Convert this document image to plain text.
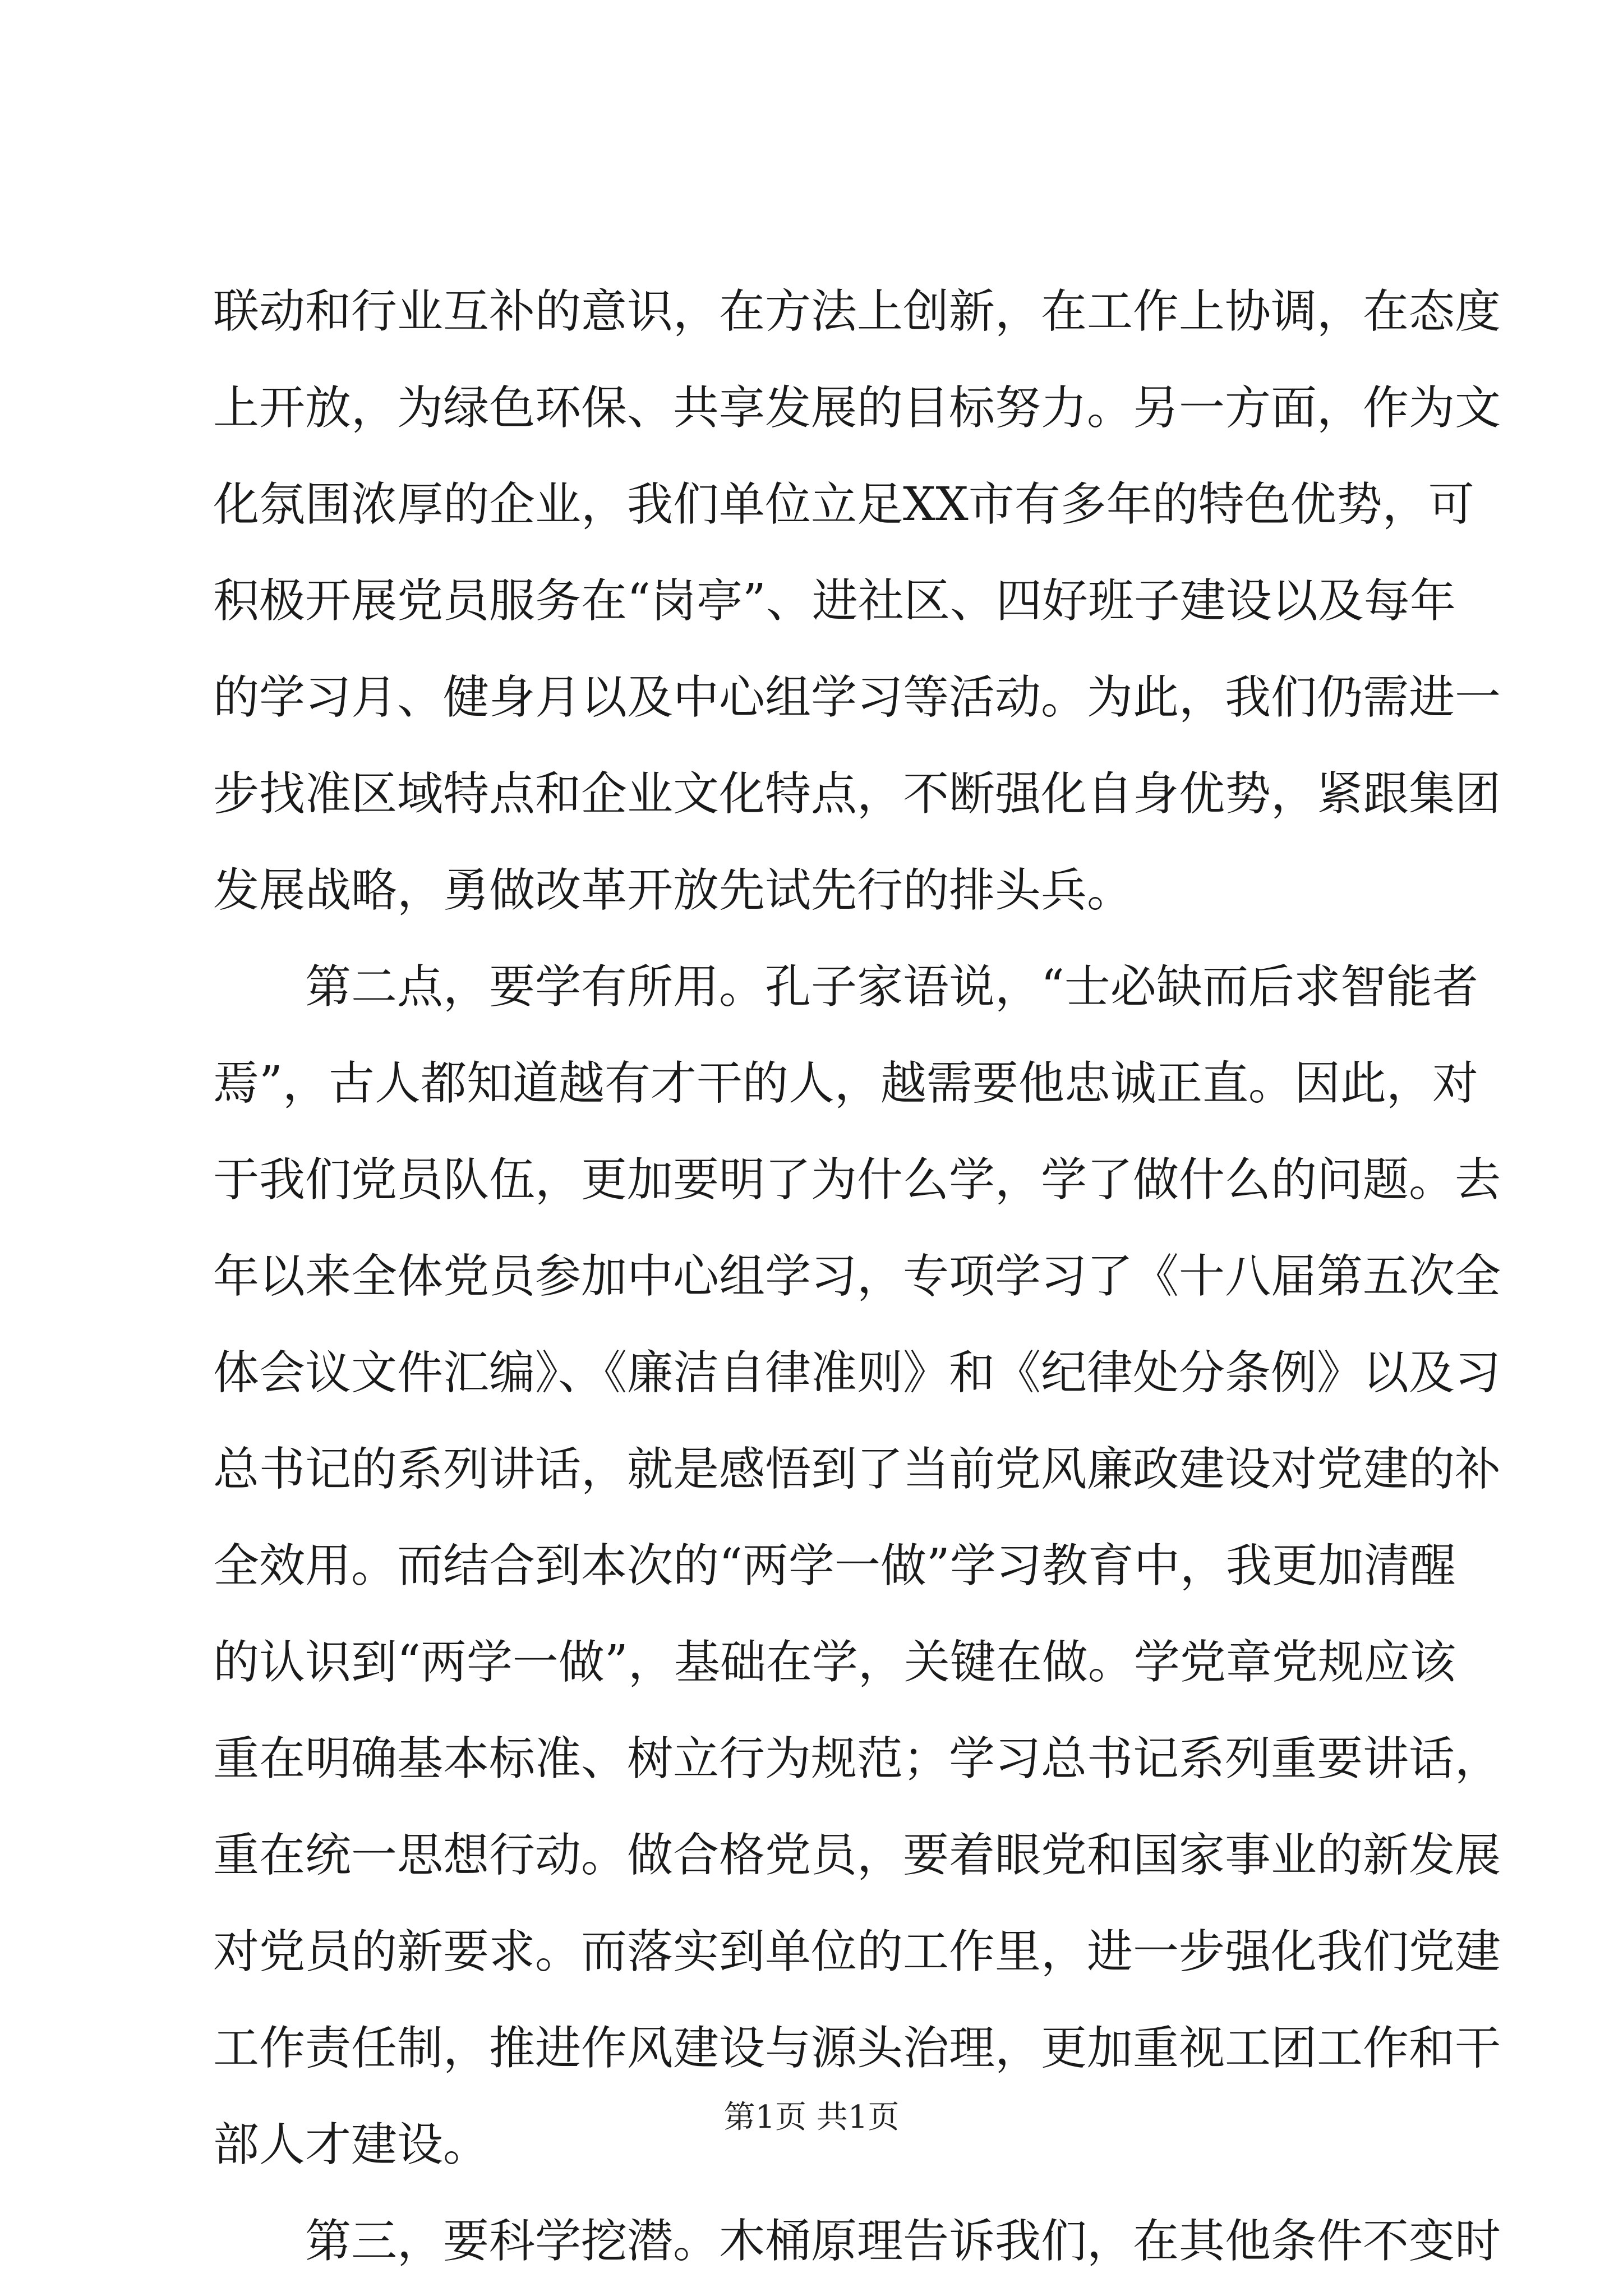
联动和行业互补的意识，在方法上创新，在工作上协调，在态度
上开放，为绿色环保、共享发展的目标努力。另一方面，作为文
化氛围浓厚的企业，我们单位立足XX市有多年的特色优势，可
积极开展党员服务在“岗亭”、进社区、四好班子建设以及每年
的学习月、健身月以及中心组学习等活动。为此，我们仍需进一
步找准区域特点和企业文化特点，不断强化自身优势，紧跟集团
发展战略，勇做改革开放先试先行的排头兵。
第二点，要学有所用。孔子家语说，“士必缺而后求智能者
焉”，古人都知道越有才干的人，越需要他忠诚正直。因此，对
于我们党员队伍，更加要明了为什么学，学了做什么的问题。去
年以来全体党员参加中心组学习，专项学习了《十八届第五次全
体会议文件汇编》、《廉洁自律准则》和《纪律处分条例》以及习
总书记的系列讲话，就是感悟到了当前党风廉政建设对党建的补
全效用。而结合到本次的“两学一做”学习教育中，我更加清醒
的认识到“两学一做”，基础在学，关键在做。学党章党规应该
重在明确基本标准、树立行为规范；学习总书记系列重要讲话，
重在统一思想行动。做合格党员，要着眼党和国家事业的新发展
对党员的新要求。而落实到单位的工作里，进一步强化我们党建
工作责任制，推进作风建设与源头治理，更加重视工团工作和干
部人才建设。
第三，要科学挖潜。木桶原理告诉我们，在其他条件不变时
第1页 共1页
